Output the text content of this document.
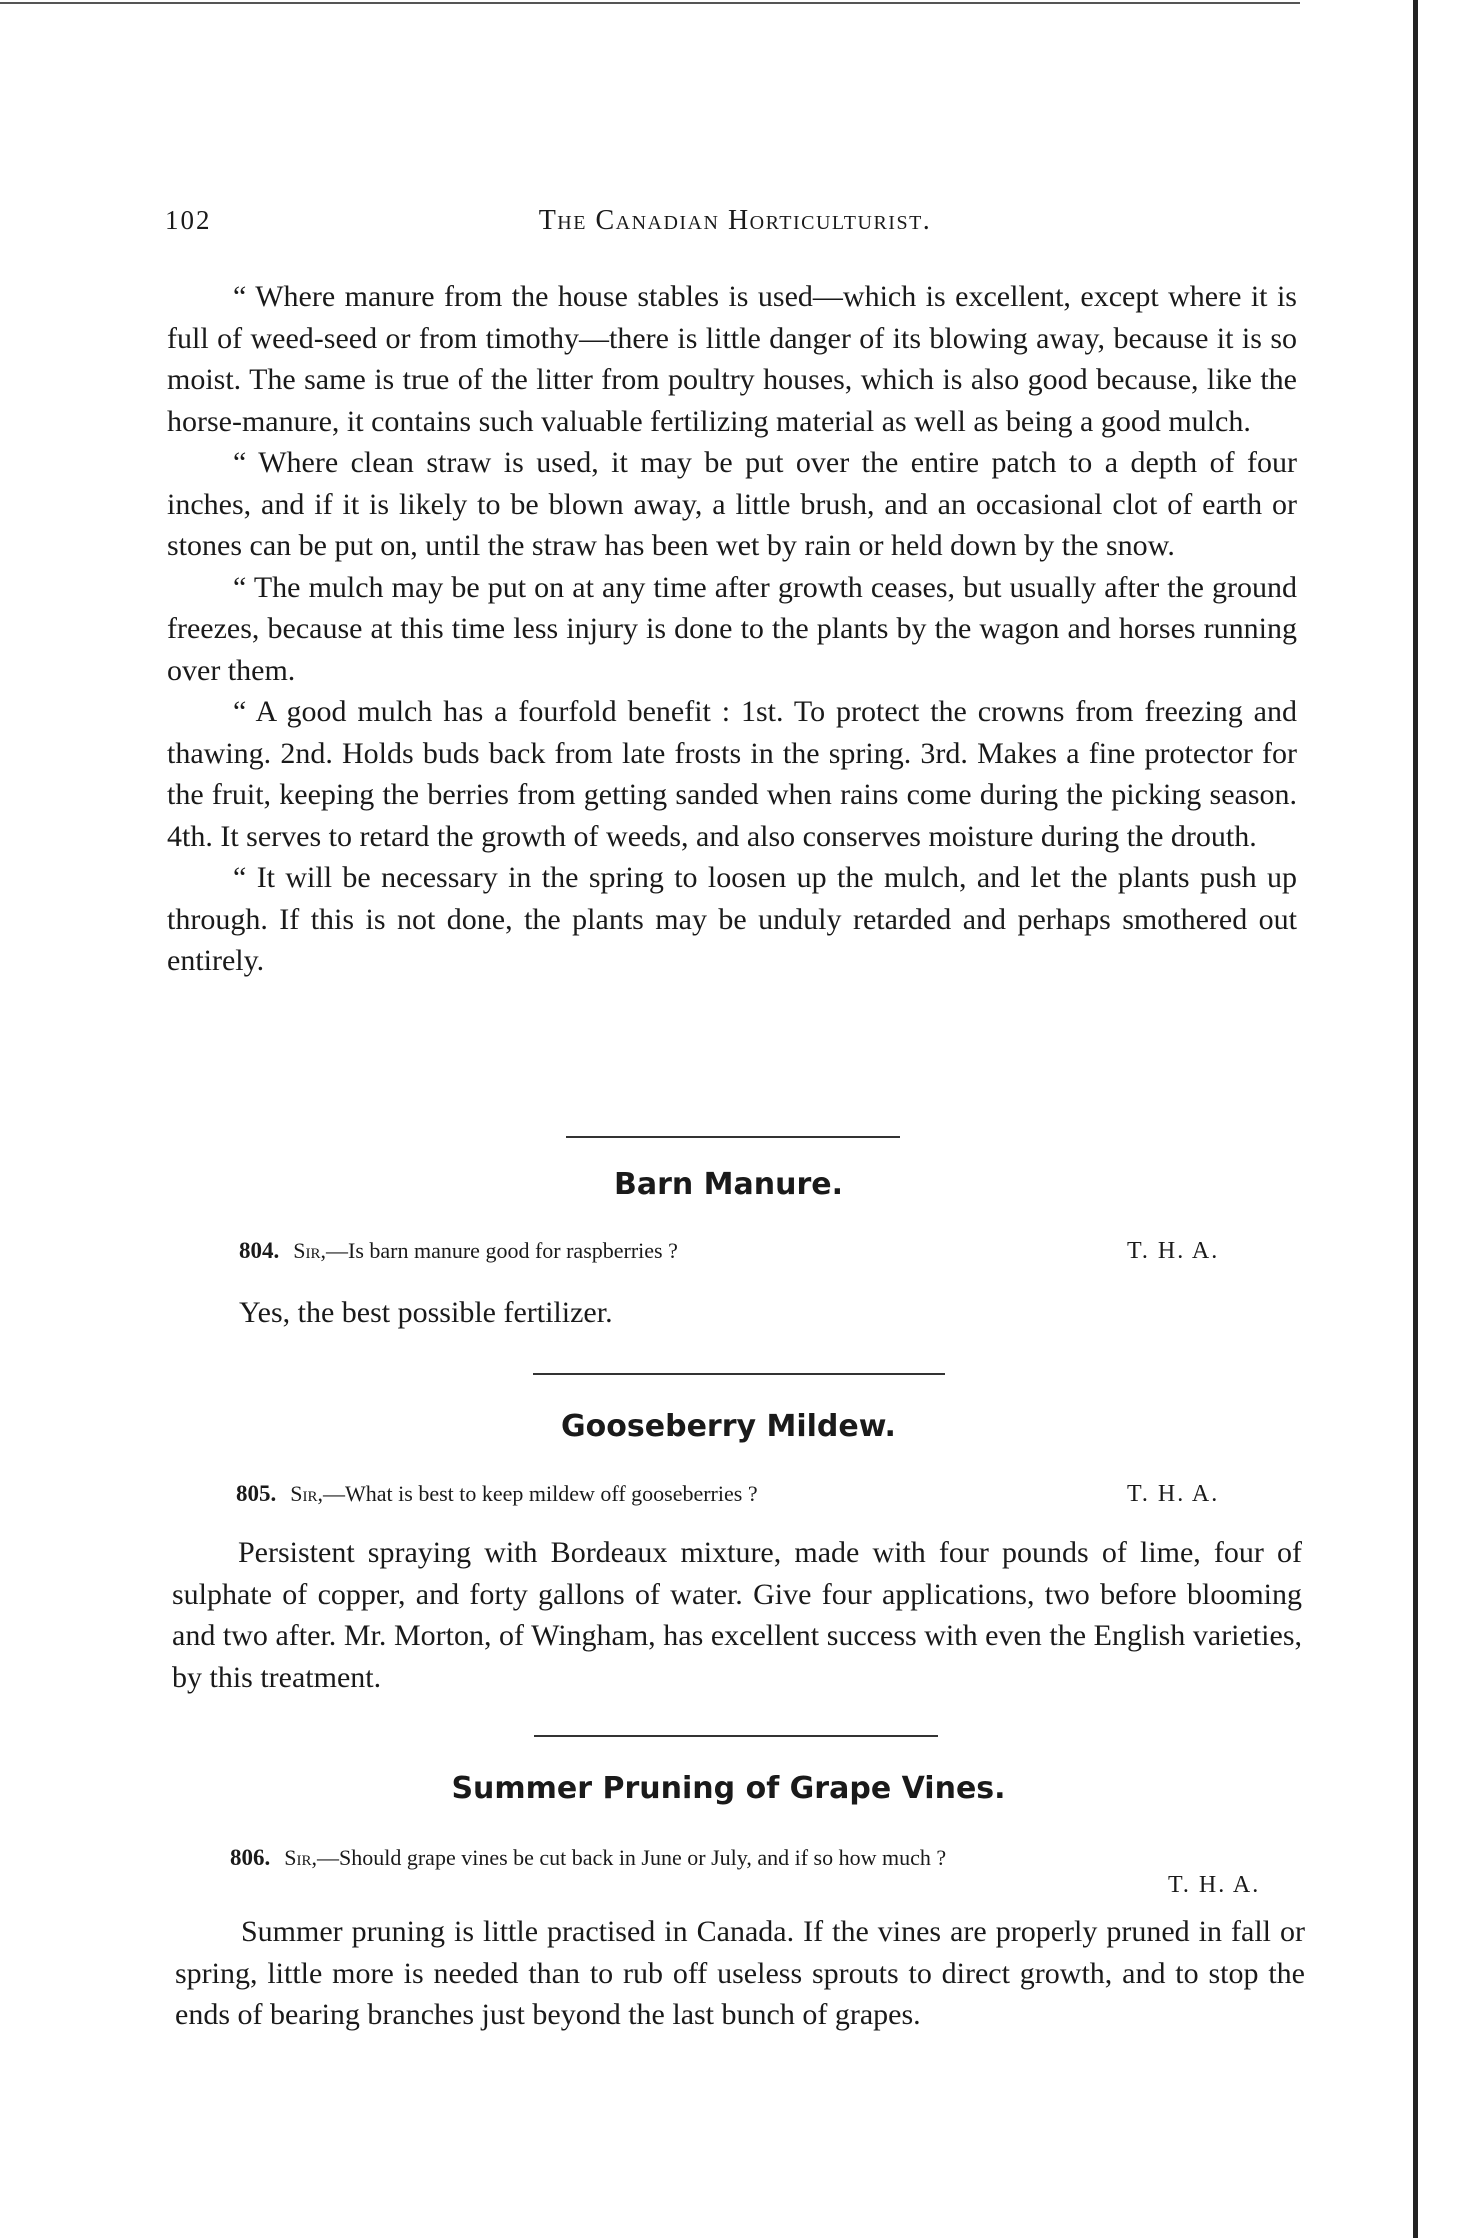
102	The Canadian Horticulturist.

“ Where manure from the house stables is used—which is excellent, except where it is full of weed-seed or from timothy—there is little danger of its blowing away, because it is so moist. The same is true of the litter from poultry houses, which is also good because, like the horse-manure, it contains such valuable fertilizing material as well as being a good mulch.

“ Where clean straw is used, it may be put over the entire patch to a depth of four inches, and if it is likely to be blown away, a little brush, and an occasional clot of earth or stones can be put on, until the straw has been wet by rain or held down by the snow.

“ The mulch may be put on at any time after growth ceases, but usually after the ground freezes, because at this time less injury is done to the plants by the wagon and horses running over them.

“ A good mulch has a fourfold benefit : 1st. To protect the crowns from freezing and thawing. 2nd. Holds buds back from late frosts in the spring. 3rd. Makes a fine protector for the fruit, keeping the berries from getting sanded when rains come during the picking season. 4th. It serves to retard the growth of weeds, and also conserves moisture during the drouth.

“ It will be necessary in the spring to loosen up the mulch, and let the plants push up through. If this is not done, the plants may be unduly retarded and perhaps smothered out entirely.

Barn Manure.
804. Sir,—Is barn manure good for raspberries ?	T. H. A.

Yes, the best possible fertilizer.

Gooseberry Mildew.
805. Sir,—What is best to keep mildew off gooseberries ?	T. H. A.

Persistent spraying with Bordeaux mixture, made with four pounds of lime, four of sulphate of copper, and forty gallons of water. Give four applications, two before blooming and two after. Mr. Morton, of Wingham, has excellent success with even the English varieties, by this treatment.

Summer Pruning of Grape Vines.
806. Sir,—Should grape vines be cut back in June or July, and if so how much ?
T. H. A.

Summer pruning is little practised in Canada. If the vines are properly pruned in fall or spring, little more is needed than to rub off useless sprouts to direct growth, and to stop the ends of bearing branches just beyond the last bunch of grapes.
